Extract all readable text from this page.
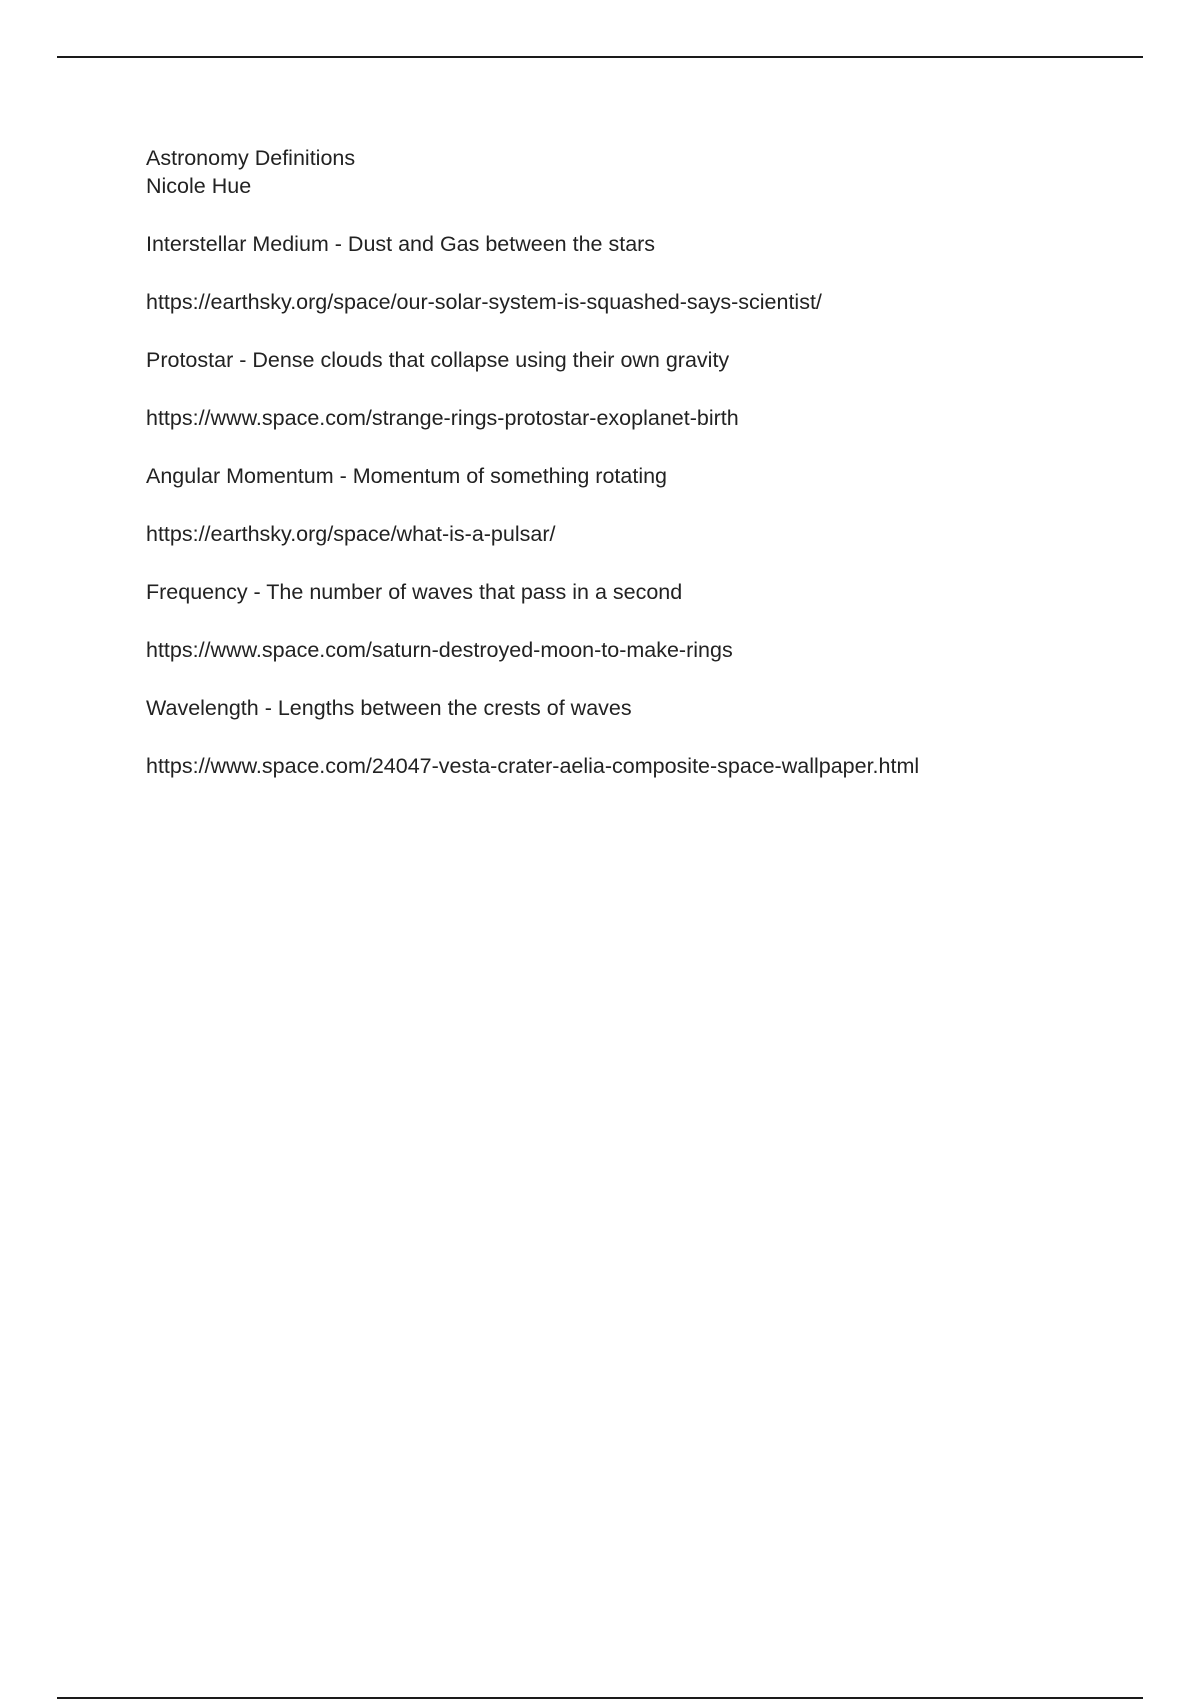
Astronomy Definitions
Nicole Hue
Interstellar Medium - Dust and Gas between the stars
https://earthsky.org/space/our-solar-system-is-squashed-says-scientist/
Protostar - Dense clouds that collapse using their own gravity
https://www.space.com/strange-rings-protostar-exoplanet-birth
Angular Momentum - Momentum of something rotating
https://earthsky.org/space/what-is-a-pulsar/
Frequency - The number of waves that pass in a second
https://www.space.com/saturn-destroyed-moon-to-make-rings
Wavelength - Lengths between the crests of waves
https://www.space.com/24047-vesta-crater-aelia-composite-space-wallpaper.html
